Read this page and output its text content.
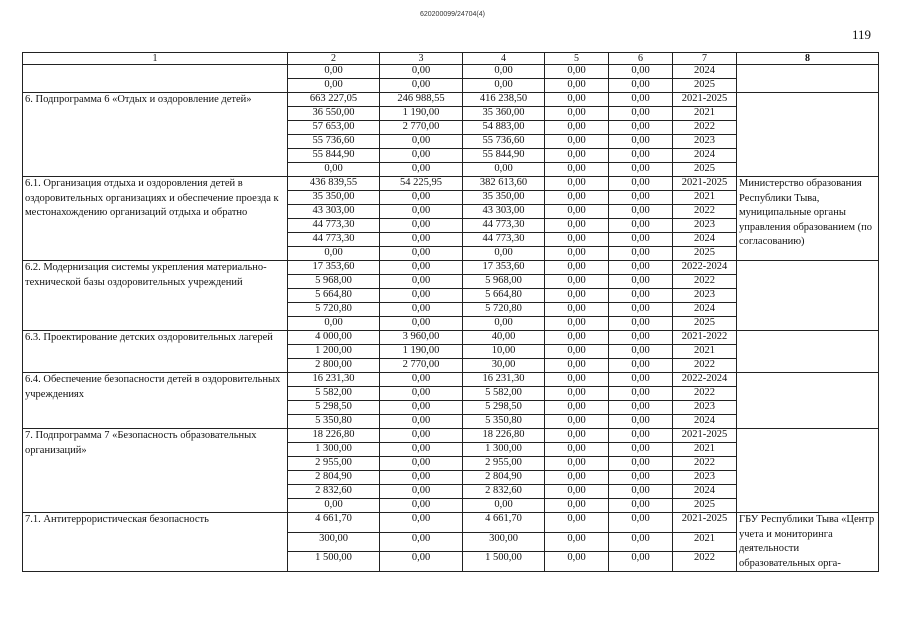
620200099/24704(4)
119
1	2	3	4	5	6	7	8
	0,00	0,00	0,00	0,00	0,00	2024	
	0,00	0,00	0,00	0,00	0,00	2025	
6. Подпрограмма 6 «Отдых и оздоровление детей»	663 227,05	246 988,55	416 238,50	0,00	0,00	2021-2025	
	36 550,00	1 190,00	35 360,00	0,00	0,00	2021	
	57 653,00	2 770,00	54 883,00	0,00	0,00	2022	
	55 736,60	0,00	55 736,60	0,00	0,00	2023	
	55 844,90	0,00	55 844,90	0,00	0,00	2024	
	0,00	0,00	0,00	0,00	0,00	2025	
6.1. Организация отдыха и оздоровления детей в оздоровительных организациях и обеспечение проезда к местонахождению организаций отдыха и обратно	436 839,55	54 225,95	382 613,60	0,00	0,00	2021-2025	Министерство образования Республики Тыва, муниципальные органы управления образованием (по согласованию)
	35 350,00	0,00	35 350,00	0,00	0,00	2021	
	43 303,00	0,00	43 303,00	0,00	0,00	2022	
	44 773,30	0,00	44 773,30	0,00	0,00	2023	
	44 773,30	0,00	44 773,30	0,00	0,00	2024	
	0,00	0,00	0,00	0,00	0,00	2025	
6.2. Модернизация системы укрепления материально-технической базы оздоровительных учреждений	17 353,60	0,00	17 353,60	0,00	0,00	2022-2024	
	5 968,00	0,00	5 968,00	0,00	0,00	2022	
	5 664,80	0,00	5 664,80	0,00	0,00	2023	
	5 720,80	0,00	5 720,80	0,00	0,00	2024	
	0,00	0,00	0,00	0,00	0,00	2025	
6.3. Проектирование детских оздоровительных лагерей	4 000,00	3 960,00	40,00	0,00	0,00	2021-2022	
	1 200,00	1 190,00	10,00	0,00	0,00	2021	
	2 800,00	2 770,00	30,00	0,00	0,00	2022	
6.4. Обеспечение безопасности детей в оздоровительных учреждениях	16 231,30	0,00	16 231,30	0,00	0,00	2022-2024	
	5 582,00	0,00	5 582,00	0,00	0,00	2022	
	5 298,50	0,00	5 298,50	0,00	0,00	2023	
	5 350,80	0,00	5 350,80	0,00	0,00	2024	
7. Подпрограмма 7 «Безопасность образовательных организаций»	18 226,80	0,00	18 226,80	0,00	0,00	2021-2025	
	1 300,00	0,00	1 300,00	0,00	0,00	2021	
	2 955,00	0,00	2 955,00	0,00	0,00	2022	
	2 804,90	0,00	2 804,90	0,00	0,00	2023	
	2 832,60	0,00	2 832,60	0,00	0,00	2024	
	0,00	0,00	0,00	0,00	0,00	2025	
7.1. Антитеррористическая безопасность	4 661,70	0,00	4 661,70	0,00	0,00	2021-2025	ГБУ Республики Тыва «Центр учета и мониторинга деятельности образовательных орга-
	300,00	0,00	300,00	0,00	0,00	2021	
	1 500,00	0,00	1 500,00	0,00	0,00	2022	
